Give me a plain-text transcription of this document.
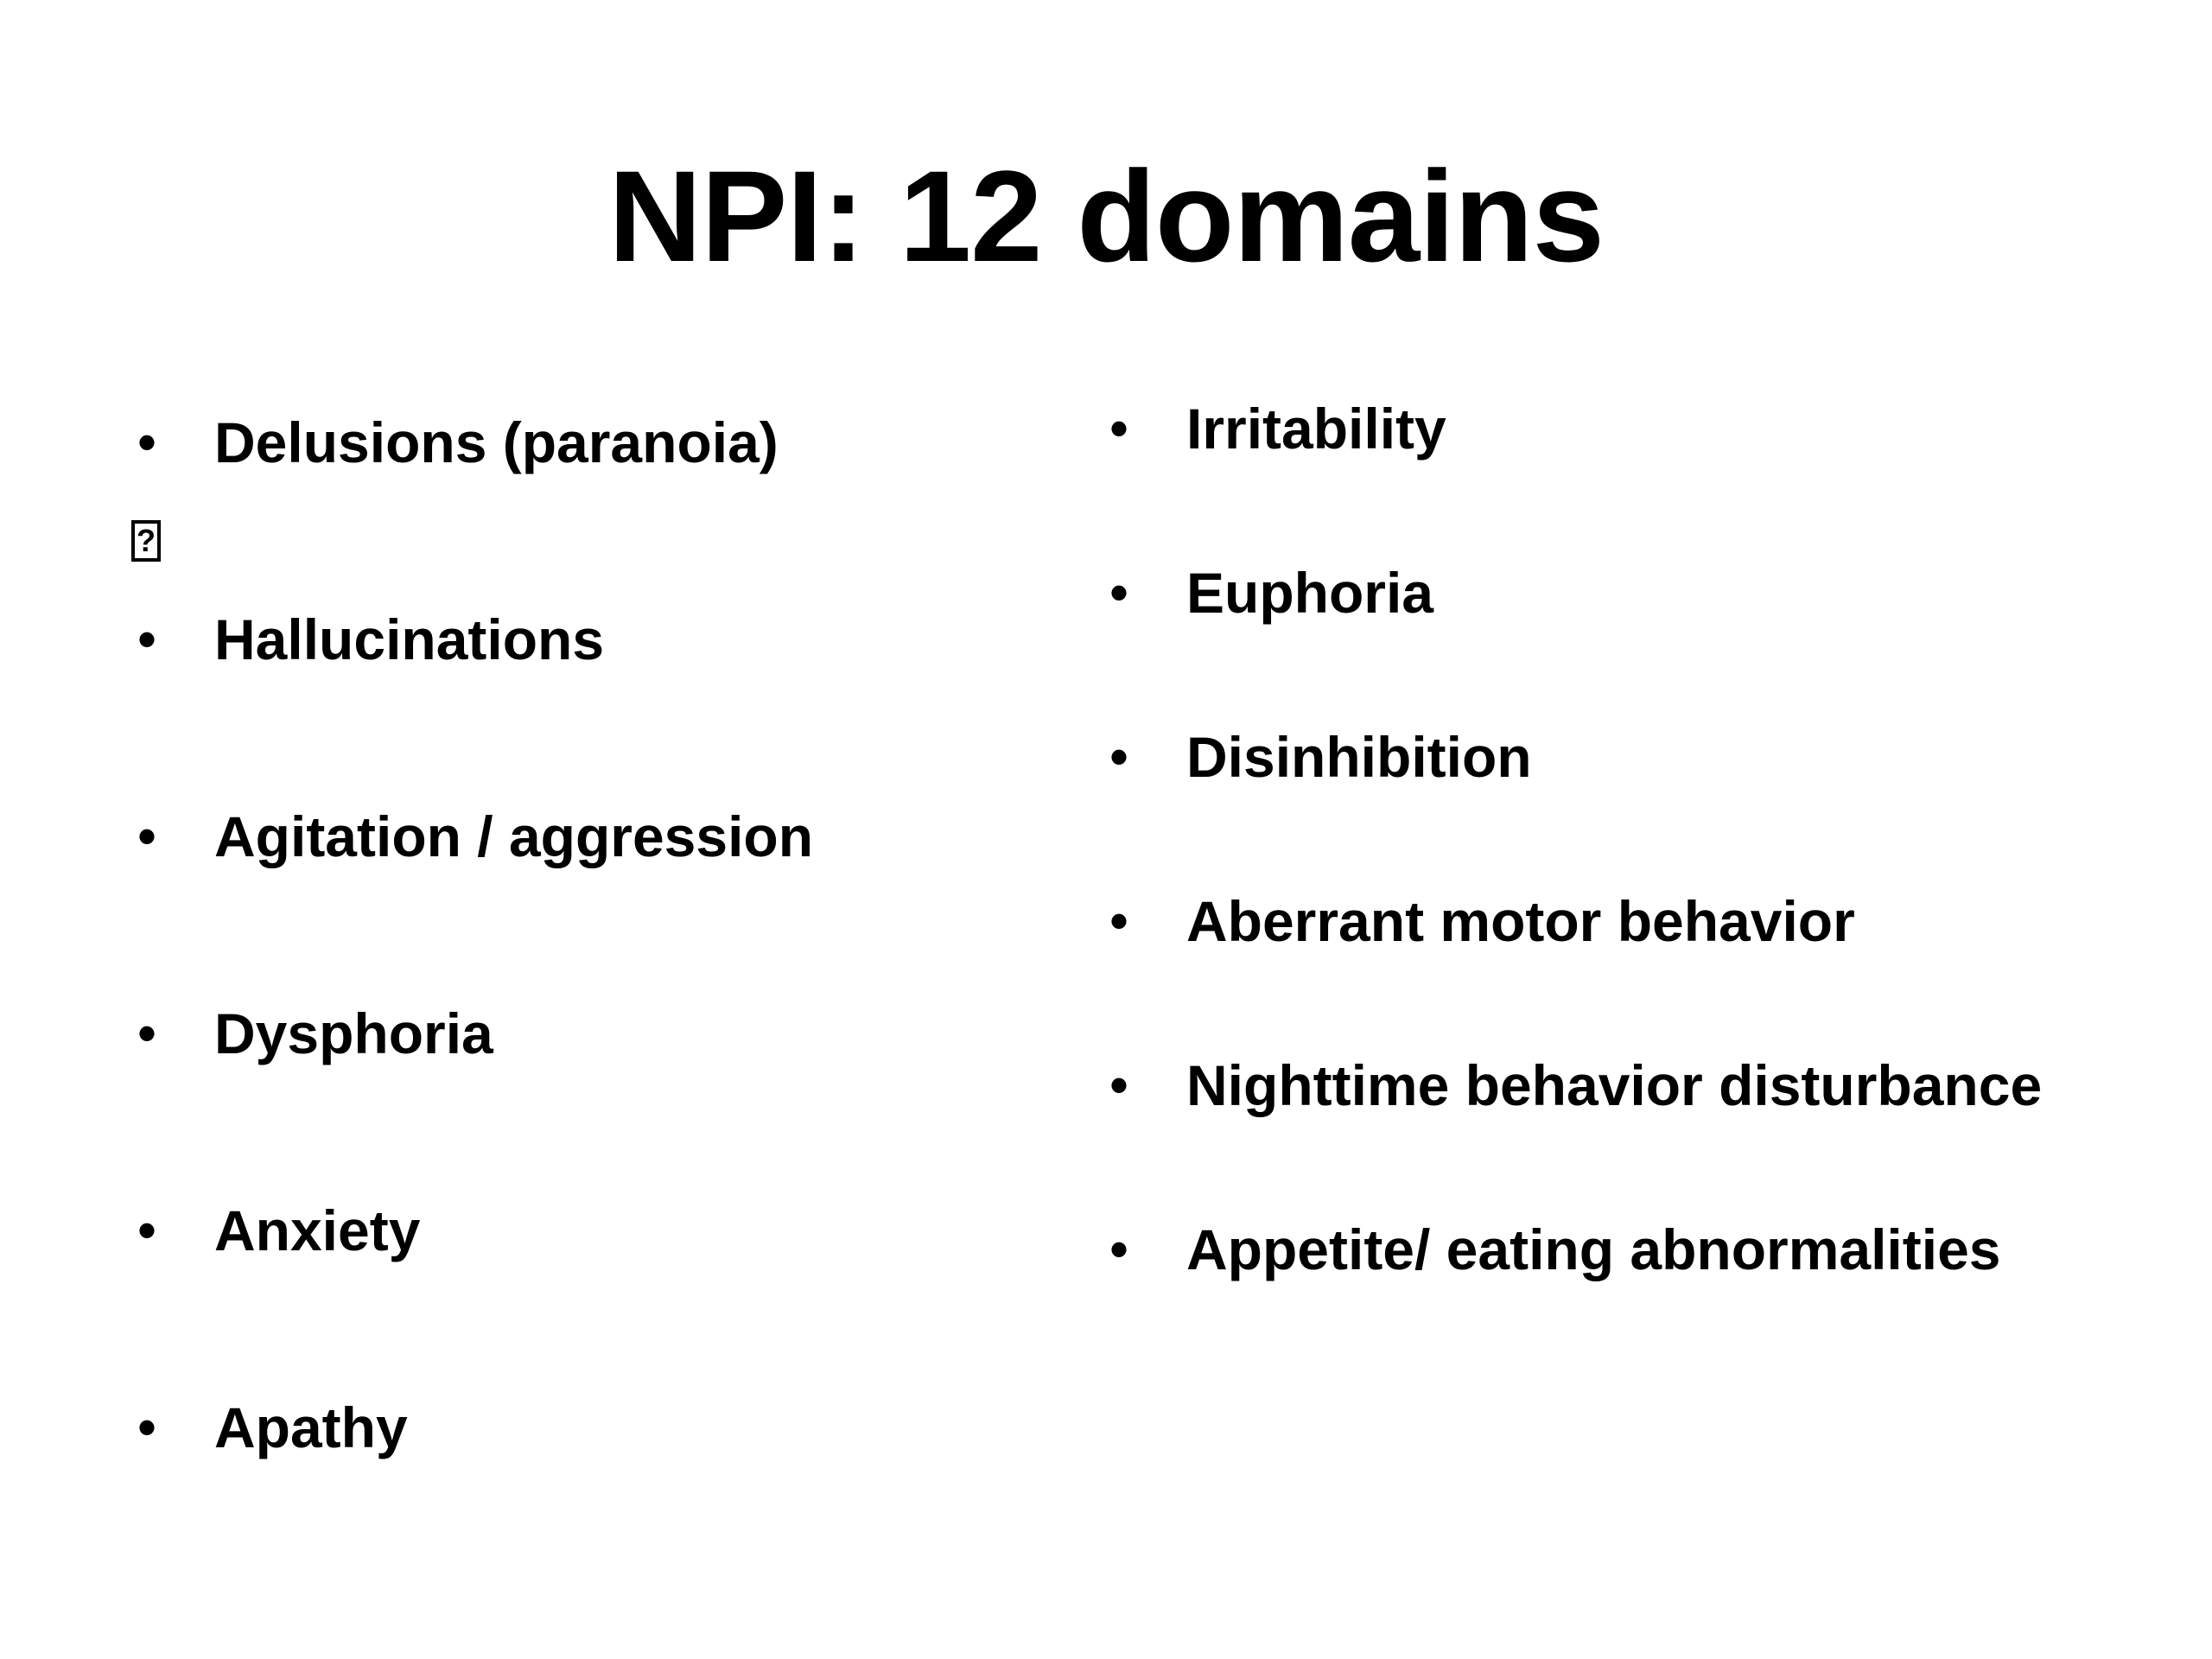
NPI: 12 domains
?
• Delusions (paranoia)
• Hallucinations
• Agitation / aggression
• Dysphoria
• Anxiety
• Apathy
• Irritability
• Euphoria
• Disinhibition
• Aberrant motor behavior
• Nighttime behavior disturbance
• Appetite/ eating abnormalities
